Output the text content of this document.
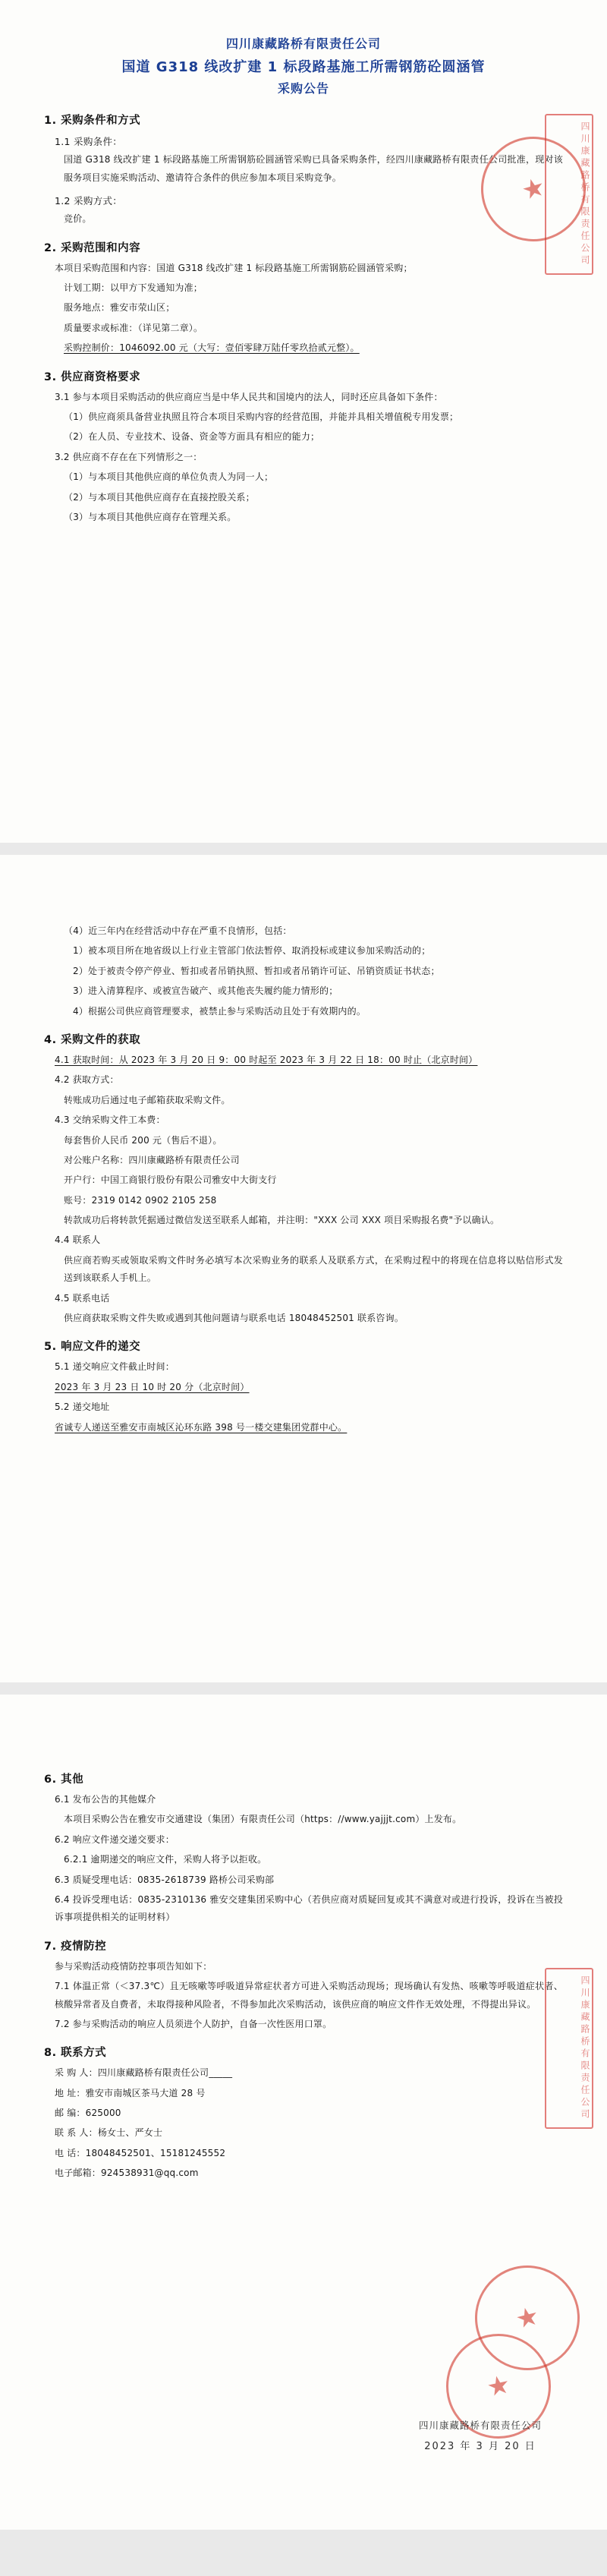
四川康藏路桥有限责任公司
国道 G318 线改扩建 1 标段路基施工所需钢筋砼圆涵管
采购公告
1. 采购条件和方式
1.1 采购条件：

国道 G318 线改扩建 1 标段路基施工所需钢筋砼圆涵管采购已具备采购条件，经四川康藏路桥有限责任公司批准，现对该服务项目实施采购活动、邀请符合条件的供应参加本项目采购竞争。

1.2 采购方式：

竞价。

2. 采购范围和内容

本项目采购范围和内容：国道 G318 线改扩建 1 标段路基施工所需钢筋砼圆涵管采购；

计划工期：以甲方下发通知为准；

服务地点：雅安市荥山区；

质量要求或标准：（详见第二章）。

采购控制价：1046092.00 元（大写：壹佰零肆万陆仟零玖拾贰元整）。

3. 供应商资格要求

3.1 参与本项目采购活动的供应商应当是中华人民共和国境内的法人，同时还应具备如下条件：

（1）供应商须具备营业执照且符合本项目采购内容的经营范围，并能并具相关增值税专用发票；

（2）在人员、专业技术、设备、资金等方面具有相应的能力；

3.2 供应商不存在在下列情形之一：

（1）与本项目其他供应商的单位负责人为同一人；

（2）与本项目其他供应商存在直接控股关系；

（3）与本项目其他供应商存在管理关系。

四川康藏路桥有限责任公司
★

（4）近三年内在经营活动中存在严重不良情形，包括：

1）被本项目所在地省级以上行业主管部门依法暂停、取消投标或建议参加采购活动的；

2）处于被责令停产停业、暂扣或者吊销执照、暂扣或者吊销许可证、吊销资质证书状态；

3）进入清算程序、或被宣告破产、或其他丧失履约能力情形的；

4）根据公司供应商管理要求，被禁止参与采购活动且处于有效期内的。

4. 采购文件的获取

4.1 获取时间：从 2023 年 3 月 20 日 9：00 时起至 2023 年 3 月 22 日 18：00 时止（北京时间）

4.2 获取方式：

转账成功后通过电子邮箱获取采购文件。

4.3 交纳采购文件工本费：

每套售价人民币 200 元（售后不退）。

对公账户名称：四川康藏路桥有限责任公司

开户行：中国工商银行股份有限公司雅安中大街支行

账号：2319 0142 0902 2105 258

转款成功后将转款凭据通过微信发送至联系人邮箱，并注明："XXX 公司 XXX 项目采购报名费"予以确认。

4.4 联系人

供应商若购买或领取采购文件时务必填写本次采购业务的联系人及联系方式，在采购过程中的将现在信息将以贴信形式发送到该联系人手机上。

4.5 联系电话

供应商获取采购文件失败或遇到其他问题请与联系电话 18048452501 联系咨询。

5. 响应文件的递交

5.1 递交响应文件截止时间：

2023 年 3 月 23 日 10 时 20 分（北京时间）

5.2 递交地址

省诚专人递送至雅安市南城区沁环东路 398 号一楼交建集团党群中心。

6. 其他

6.1 发布公告的其他媒介

本项目采购公告在雅安市交通建设（集团）有限责任公司（https：//www.yajjjt.com）上发布。

6.2 响应文件递交递交要求：

6.2.1 逾期递交的响应文件，采购人将予以拒收。

6.3 质疑受理电话：0835-2618739 路桥公司采购部

6.4 投诉受理电话：0835-2310136 雅安交建集团采购中心（若供应商对质疑回复或其不满意对或进行投诉，投诉在当被投诉事项提供相关的证明材料）

7. 疫情防控

参与采购活动疫情防控事项告知如下：

7.1 体温正常（＜37.3℃）且无咳嗽等呼吸道异常症状者方可进入采购活动现场；现场确认有发热、咳嗽等呼吸道症状者、核酸异常者及自费者，未取得接种风险者，不得参加此次采购活动，该供应商的响应文件作无效处理，不得提出异议。

7.2 参与采购活动的响应人员须进个人防护，自备一次性医用口罩。

8. 联系方式

采 购 人：四川康藏路桥有限责任公司_____

地 址：雅安市南城区茶马大道 28 号

邮 编：625000

联 系 人：杨女士、严女士

电 话：18048452501、15181245552

电子邮箱：924538931@qq.com

四川康藏路桥有限责任公司
★
★
四川康藏路桥有限责任公司
2023 年 3 月 20 日
